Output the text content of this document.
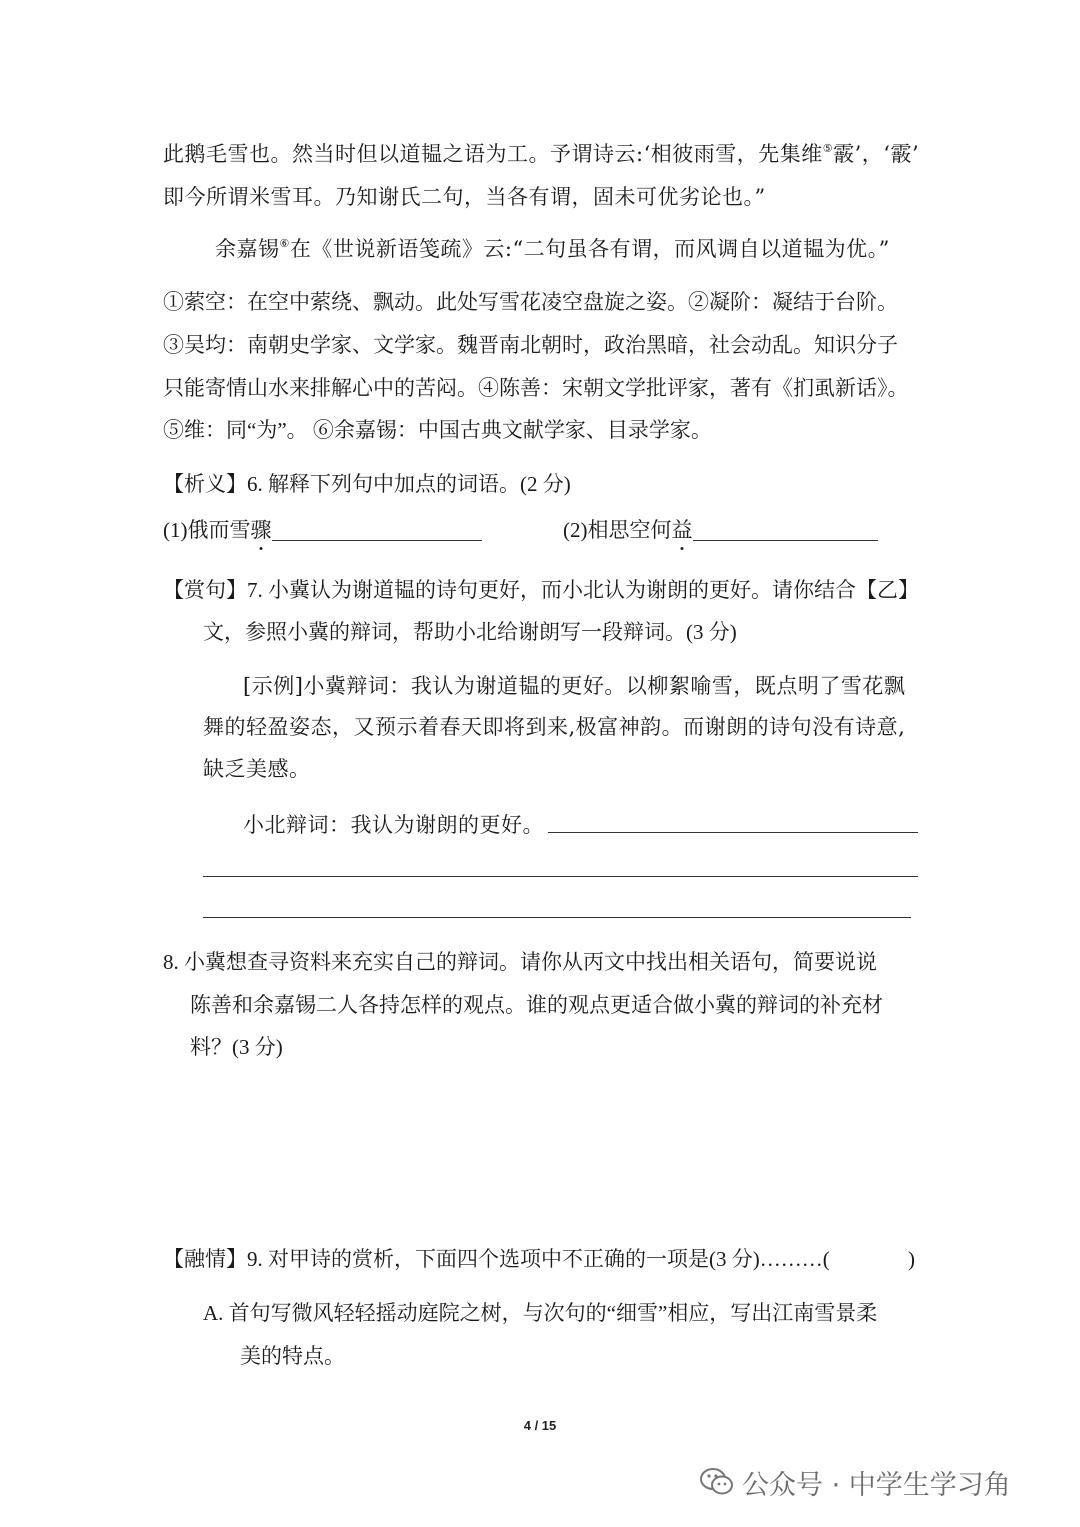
此鹅毛雪也。然当时但以道韫之语为工。予谓诗云:‘相彼雨雪，先集维⑤霰’，‘霰’
即今所谓米雪耳。乃知谢氏二句，当各有谓，固未可优劣论也。”
余嘉锡⑥在《世说新语笺疏》云:“二句虽各有谓，而风调自以道韫为优。”
①萦空：在空中萦绕、飘动。此处写雪花凌空盘旋之姿。②凝阶：凝结于台阶。
③吴均：南朝史学家、文学家。魏晋南北朝时，政治黑暗，社会动乱。知识分子
只能寄情山水来排解心中的苦闷。④陈善：宋朝文学批评家，著有《扪虱新话》。
⑤维：同“为”。 ⑥余嘉锡：中国古典文献学家、目录学家。
【析义】6. 解释下列句中加点的词语。(2 分)
(1)俄而雪骤	(2)相思空何益
【赏句】7. 小冀认为谢道韫的诗句更好，而小北认为谢朗的更好。请你结合【乙】
文，参照小冀的辩词，帮助小北给谢朗写一段辩词。(3 分)
[示例]小冀辩词：我认为谢道韫的更好。以柳絮喻雪，既点明了雪花飘
舞的轻盈姿态，又预示着春天即将到来,极富神韵。而谢朗的诗句没有诗意,
缺乏美感。
小北辩词：我认为谢朗的更好。
8. 小冀想查寻资料来充实自己的辩词。请你从丙文中找出相关语句，简要说说
陈善和余嘉锡二人各持怎样的观点。谁的观点更适合做小冀的辩词的补充材
料？(3 分)
【融情】9. 对甲诗的赏析，下面四个选项中不正确的一项是(3 分)………(	)
A. 首句写微风轻轻摇动庭院之树，与次句的“细雪”相应，写出江南雪景柔
美的特点。
4 / 15
公众号 · 中学生学习角
